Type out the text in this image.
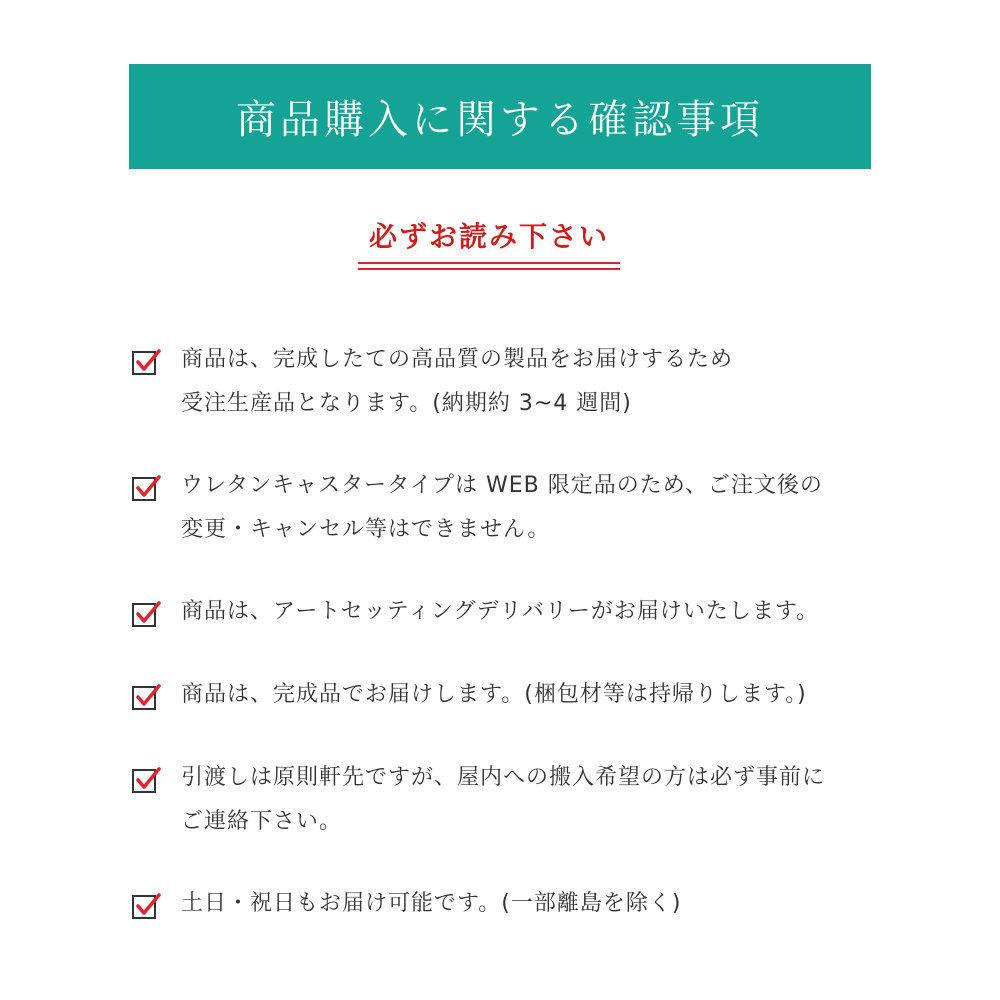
商品購入に関する確認事項
必ずお読み下さい
商品は、完成したての高品質の製品をお届けするため
受注生産品となります。(納期約 3~4 週間)
ウレタンキャスタータイプは WEB 限定品のため、ご注文後の
変更・キャンセル等はできません。
商品は、アートセッティングデリバリーがお届けいたします。
商品は、完成品でお届けします。(梱包材等は持帰りします。)
引渡しは原則軒先ですが、屋内への搬入希望の方は必ず事前に
ご連絡下さい。
土日・祝日もお届け可能です。(一部離島を除く)
